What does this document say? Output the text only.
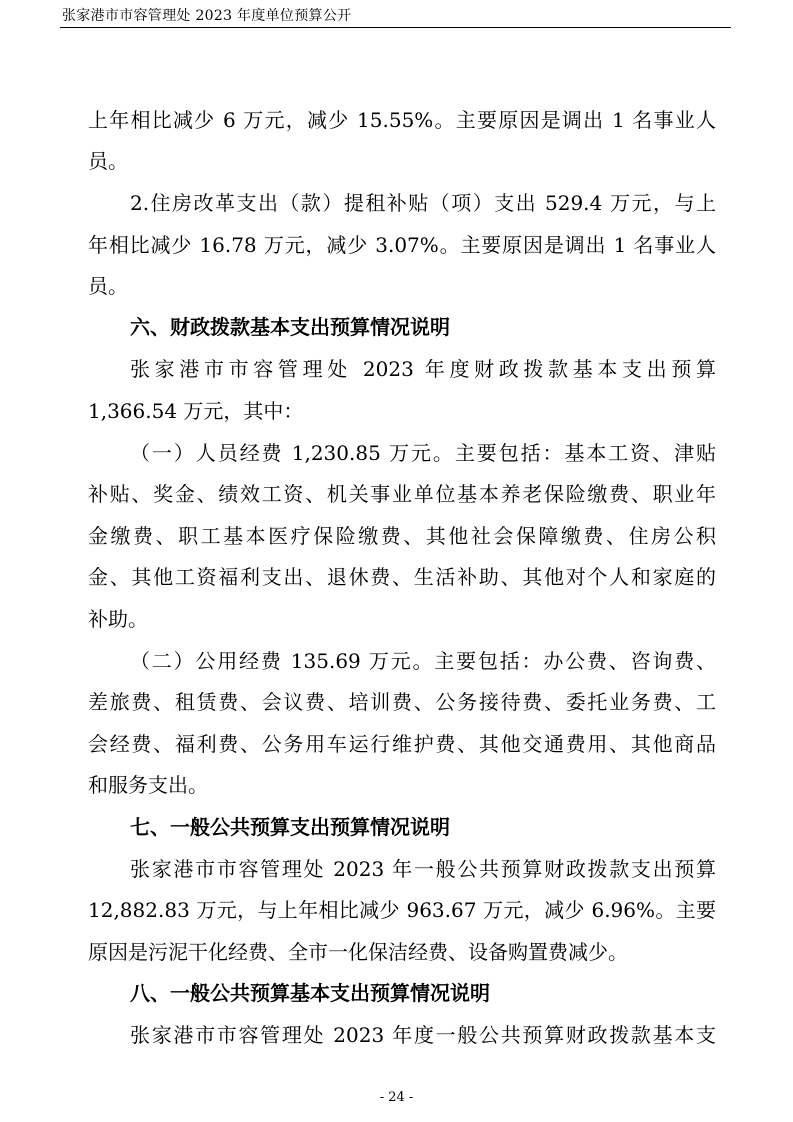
张家港市市容管理处 2023 年度单位预算公开
上年相比减少 6 万元，减少 15.55%。主要原因是调出 1 名事业人
员。
2.住房改革支出（款）提租补贴（项）支出 529.4 万元，与上
年相比减少 16.78 万元，减少 3.07%。主要原因是调出 1 名事业人
员。
六、财政拨款基本支出预算情况说明
张家港市市容管理处 2023 年度财政拨款基本支出预算
1,366.54 万元，其中：
（一）人员经费 1,230.85 万元。主要包括：基本工资、津贴
补贴、奖金、绩效工资、机关事业单位基本养老保险缴费、职业年
金缴费、职工基本医疗保险缴费、其他社会保障缴费、住房公积
金、其他工资福利支出、退休费、生活补助、其他对个人和家庭的
补助。
（二）公用经费 135.69 万元。主要包括：办公费、咨询费、
差旅费、租赁费、会议费、培训费、公务接待费、委托业务费、工
会经费、福利费、公务用车运行维护费、其他交通费用、其他商品
和服务支出。
七、一般公共预算支出预算情况说明
张家港市市容管理处 2023 年一般公共预算财政拨款支出预算
12,882.83 万元，与上年相比减少 963.67 万元，减少 6.96%。主要
原因是污泥干化经费、全市一化保洁经费、设备购置费减少。
八、一般公共预算基本支出预算情况说明
张家港市市容管理处 2023 年度一般公共预算财政拨款基本支
- 24 -
